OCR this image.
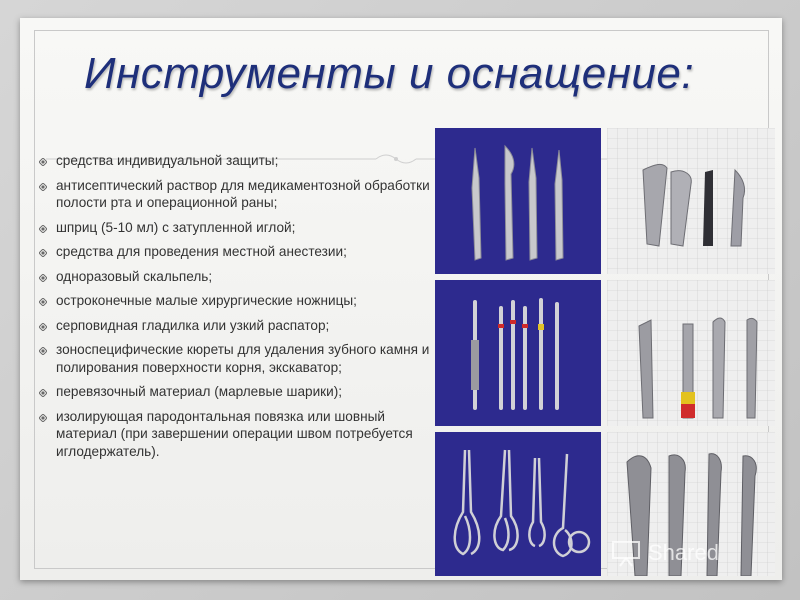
Инструменты и оснащение:
средства индивидуальной защиты;
антисептический раствор для медикаментозной обработки полости рта и операционной раны;
шприц (5-10 мл) с затупленной иглой;
средства для проведения местной анестезии;
одноразовый скальпель;
остроконечные малые хирургические ножницы;
серповидная гладилка или узкий распатор;
зоноспецифические кюреты для удаления зубного камня и полирования поверхности корня, экскаватор;
перевязочный материал (марлевые шарики);
изолирующая пародонтальная повязка или шовный материал (при завершении операции швом потребуется иглодержатель).
Shared
